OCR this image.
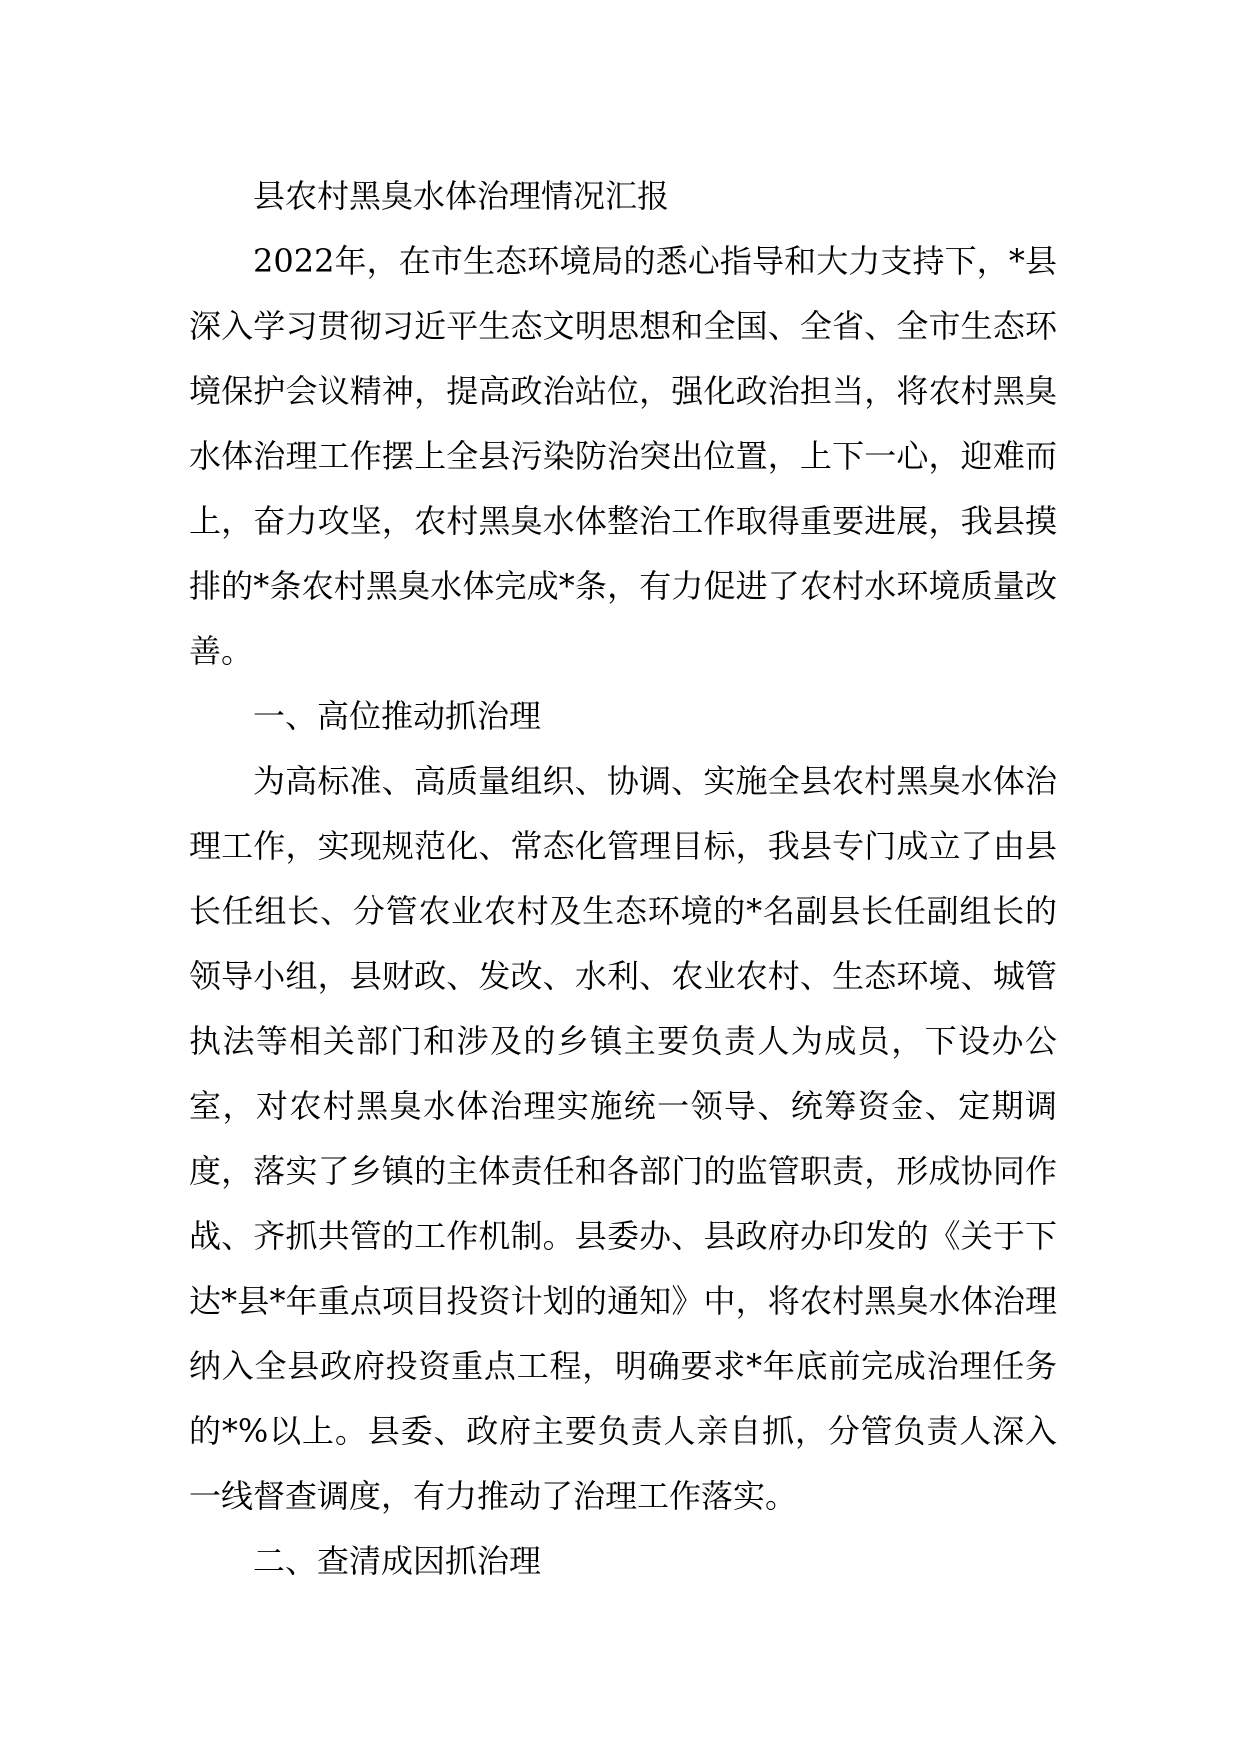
县农村黑臭水体治理情况汇报

2022年，在市生态环境局的悉心指导和大力支持下，*县深入学习贯彻习近平生态文明思想和全国、全省、全市生态环境保护会议精神，提高政治站位，强化政治担当，将农村黑臭水体治理工作摆上全县污染防治突出位置，上下一心，迎难而上，奋力攻坚，农村黑臭水体整治工作取得重要进展，我县摸排的*条农村黑臭水体完成*条，有力促进了农村水环境质量改善。

一、高位推动抓治理

为高标准、高质量组织、协调、实施全县农村黑臭水体治理工作，实现规范化、常态化管理目标，我县专门成立了由县长任组长、分管农业农村及生态环境的*名副县长任副组长的领导小组，县财政、发改、水利、农业农村、生态环境、城管执法等相关部门和涉及的乡镇主要负责人为成员，下设办公室，对农村黑臭水体治理实施统一领导、统筹资金、定期调度，落实了乡镇的主体责任和各部门的监管职责，形成协同作战、齐抓共管的工作机制。县委办、县政府办印发的《关于下达*县*年重点项目投资计划的通知》中，将农村黑臭水体治理纳入全县政府投资重点工程，明确要求*年底前完成治理任务的*%以上。县委、政府主要负责人亲自抓，分管负责人深入一线督查调度，有力推动了治理工作落实。

二、查清成因抓治理
